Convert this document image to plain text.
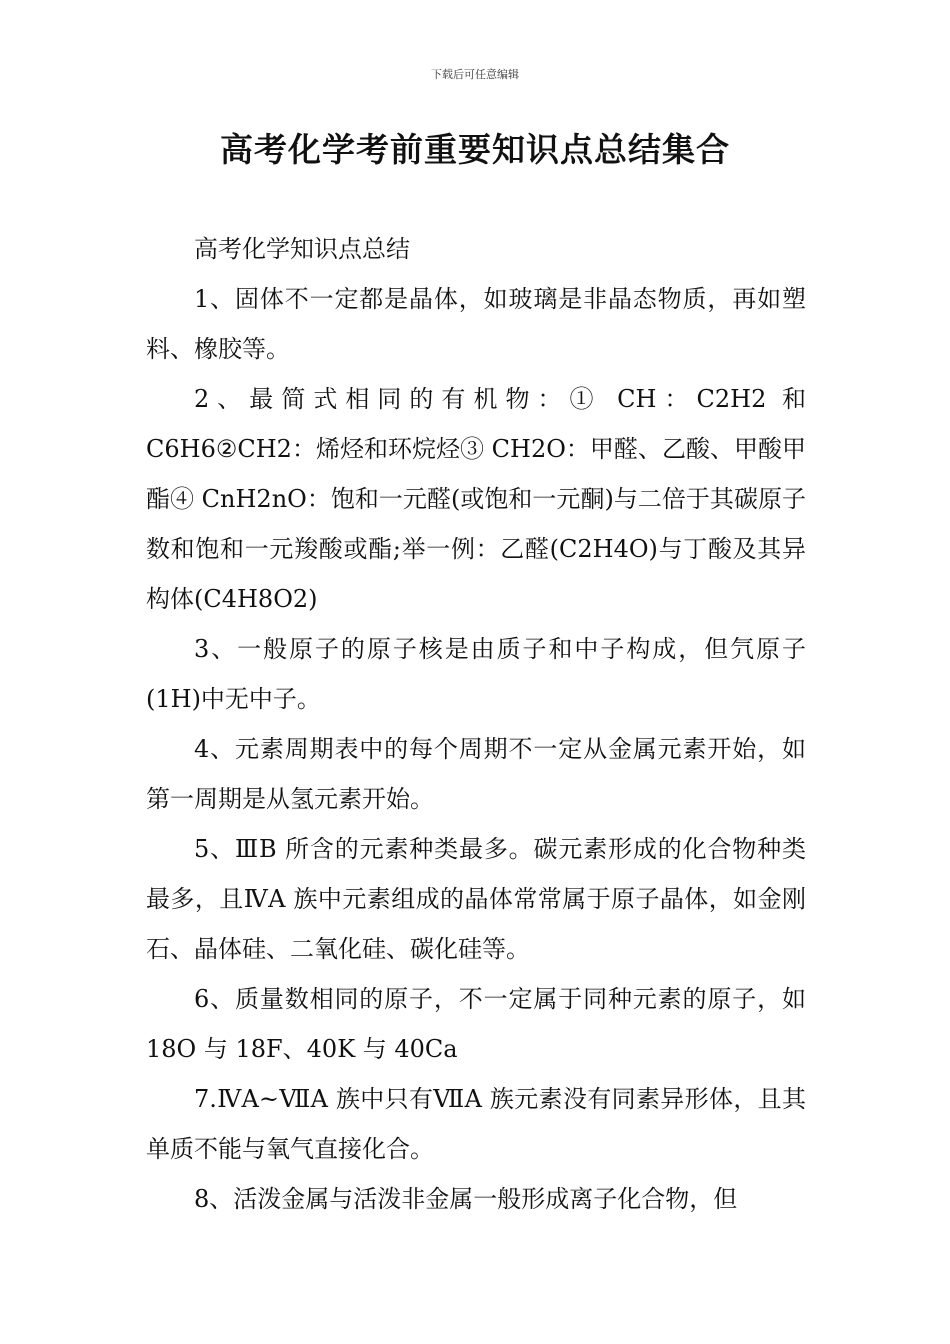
下载后可任意编辑
高考化学考前重要知识点总结集合

高考化学知识点总结

1、固体不一定都是晶体，如玻璃是非晶态物质，再如塑料、橡胶等。

2、最简式相同的有机物：① CH：C2H2 和 C6H6②CH2：烯烃和环烷烃③ CH2O：甲醛、乙酸、甲酸甲酯④ CnH2nO：饱和一元醛(或饱和一元酮)与二倍于其碳原子数和饱和一元羧酸或酯;举一例：乙醛(C2H4O)与丁酸及其异构体(C4H8O2)

3、一般原子的原子核是由质子和中子构成，但氕原子(1H)中无中子。

4、元素周期表中的每个周期不一定从金属元素开始，如第一周期是从氢元素开始。

5、ⅢB 所含的元素种类最多。碳元素形成的化合物种类最多，且ⅣA 族中元素组成的晶体常常属于原子晶体，如金刚石、晶体硅、二氧化硅、碳化硅等。

6、质量数相同的原子，不一定属于同种元素的原子，如 18O 与 18F、40K 与 40Ca

7.ⅣA~ⅦA 族中只有ⅦA 族元素没有同素异形体，且其单质不能与氧气直接化合。

8、活泼金属与活泼非金属一般形成离子化合物，但
